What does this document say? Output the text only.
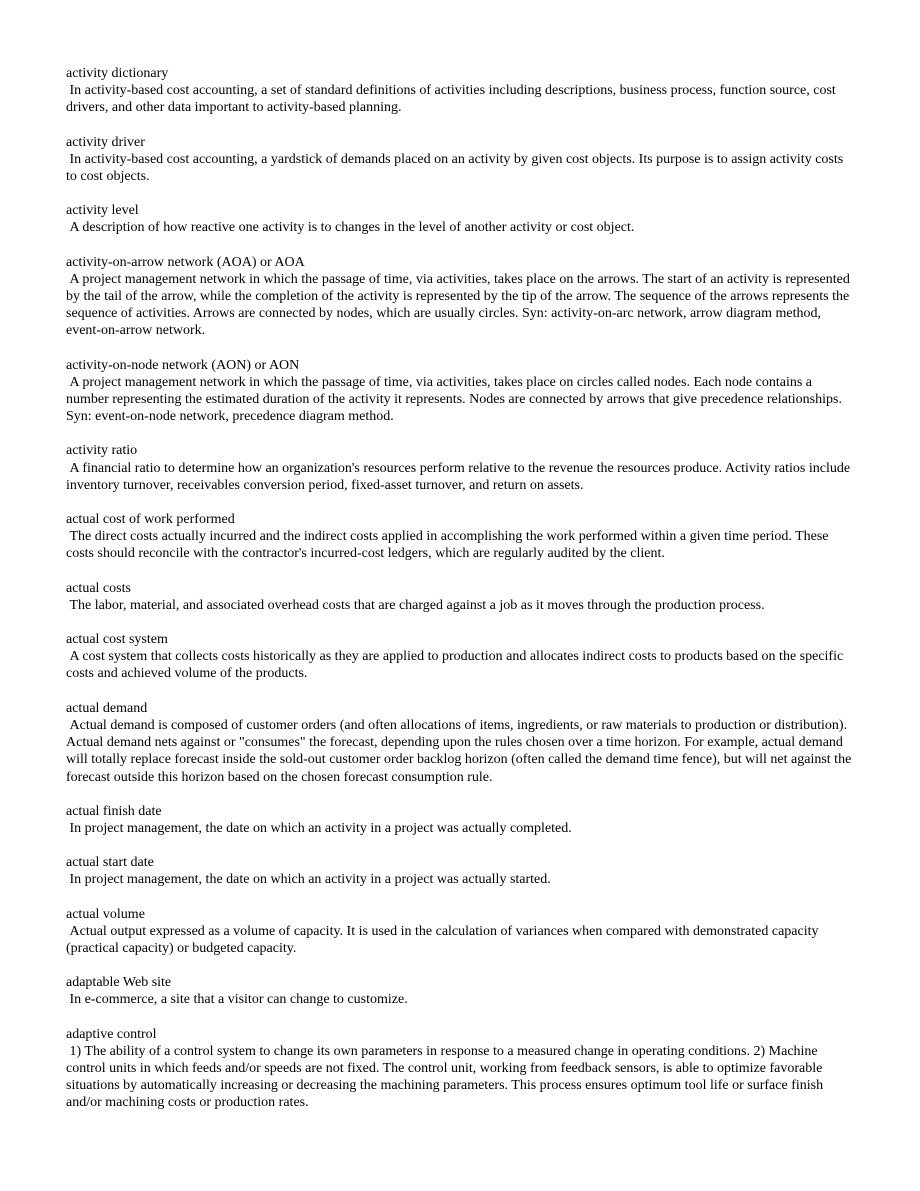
activity dictionary
In activity-based cost accounting, a set of standard definitions of activities including descriptions, business process, function source, cost drivers, and other data important to activity-based planning.
activity driver
In activity-based cost accounting, a yardstick of demands placed on an activity by given cost objects. Its purpose is to assign activity costs to cost objects.
activity level
A description of how reactive one activity is to changes in the level of another activity or cost object.
activity-on-arrow network (AOA) or AOA
A project management network in which the passage of time, via activities, takes place on the arrows. The start of an activity is represented by the tail of the arrow, while the completion of the activity is represented by the tip of the arrow. The sequence of the arrows represents the sequence of activities. Arrows are connected by nodes, which are usually circles. Syn: activity-on-arc network, arrow diagram method, event-on-arrow network.
activity-on-node network (AON) or AON
A project management network in which the passage of time, via activities, takes place on circles called nodes. Each node contains a number representing the estimated duration of the activity it represents. Nodes are connected by arrows that give precedence relationships. Syn: event-on-node network, precedence diagram method.
activity ratio
A financial ratio to determine how an organization's resources perform relative to the revenue the resources produce. Activity ratios include inventory turnover, receivables conversion period, fixed-asset turnover, and return on assets.
actual cost of work performed
The direct costs actually incurred and the indirect costs applied in accomplishing the work performed within a given time period. These costs should reconcile with the contractor's incurred-cost ledgers, which are regularly audited by the client.
actual costs
The labor, material, and associated overhead costs that are charged against a job as it moves through the production process.
actual cost system
A cost system that collects costs historically as they are applied to production and allocates indirect costs to products based on the specific costs and achieved volume of the products.
actual demand
Actual demand is composed of customer orders (and often allocations of items, ingredients, or raw materials to production or distribution). Actual demand nets against or "consumes" the forecast, depending upon the rules chosen over a time horizon. For example, actual demand will totally replace forecast inside the sold-out customer order backlog horizon (often called the demand time fence), but will net against the forecast outside this horizon based on the chosen forecast consumption rule.
actual finish date
In project management, the date on which an activity in a project was actually completed.
actual start date
In project management, the date on which an activity in a project was actually started.
actual volume
Actual output expressed as a volume of capacity. It is used in the calculation of variances when compared with demonstrated capacity (practical capacity) or budgeted capacity.
adaptable Web site
In e-commerce, a site that a visitor can change to customize.
adaptive control
1) The ability of a control system to change its own parameters in response to a measured change in operating conditions. 2) Machine control units in which feeds and/or speeds are not fixed. The control unit, working from feedback sensors, is able to optimize favorable situations by automatically increasing or decreasing the machining parameters. This process ensures optimum tool life or surface finish and/or machining costs or production rates.
